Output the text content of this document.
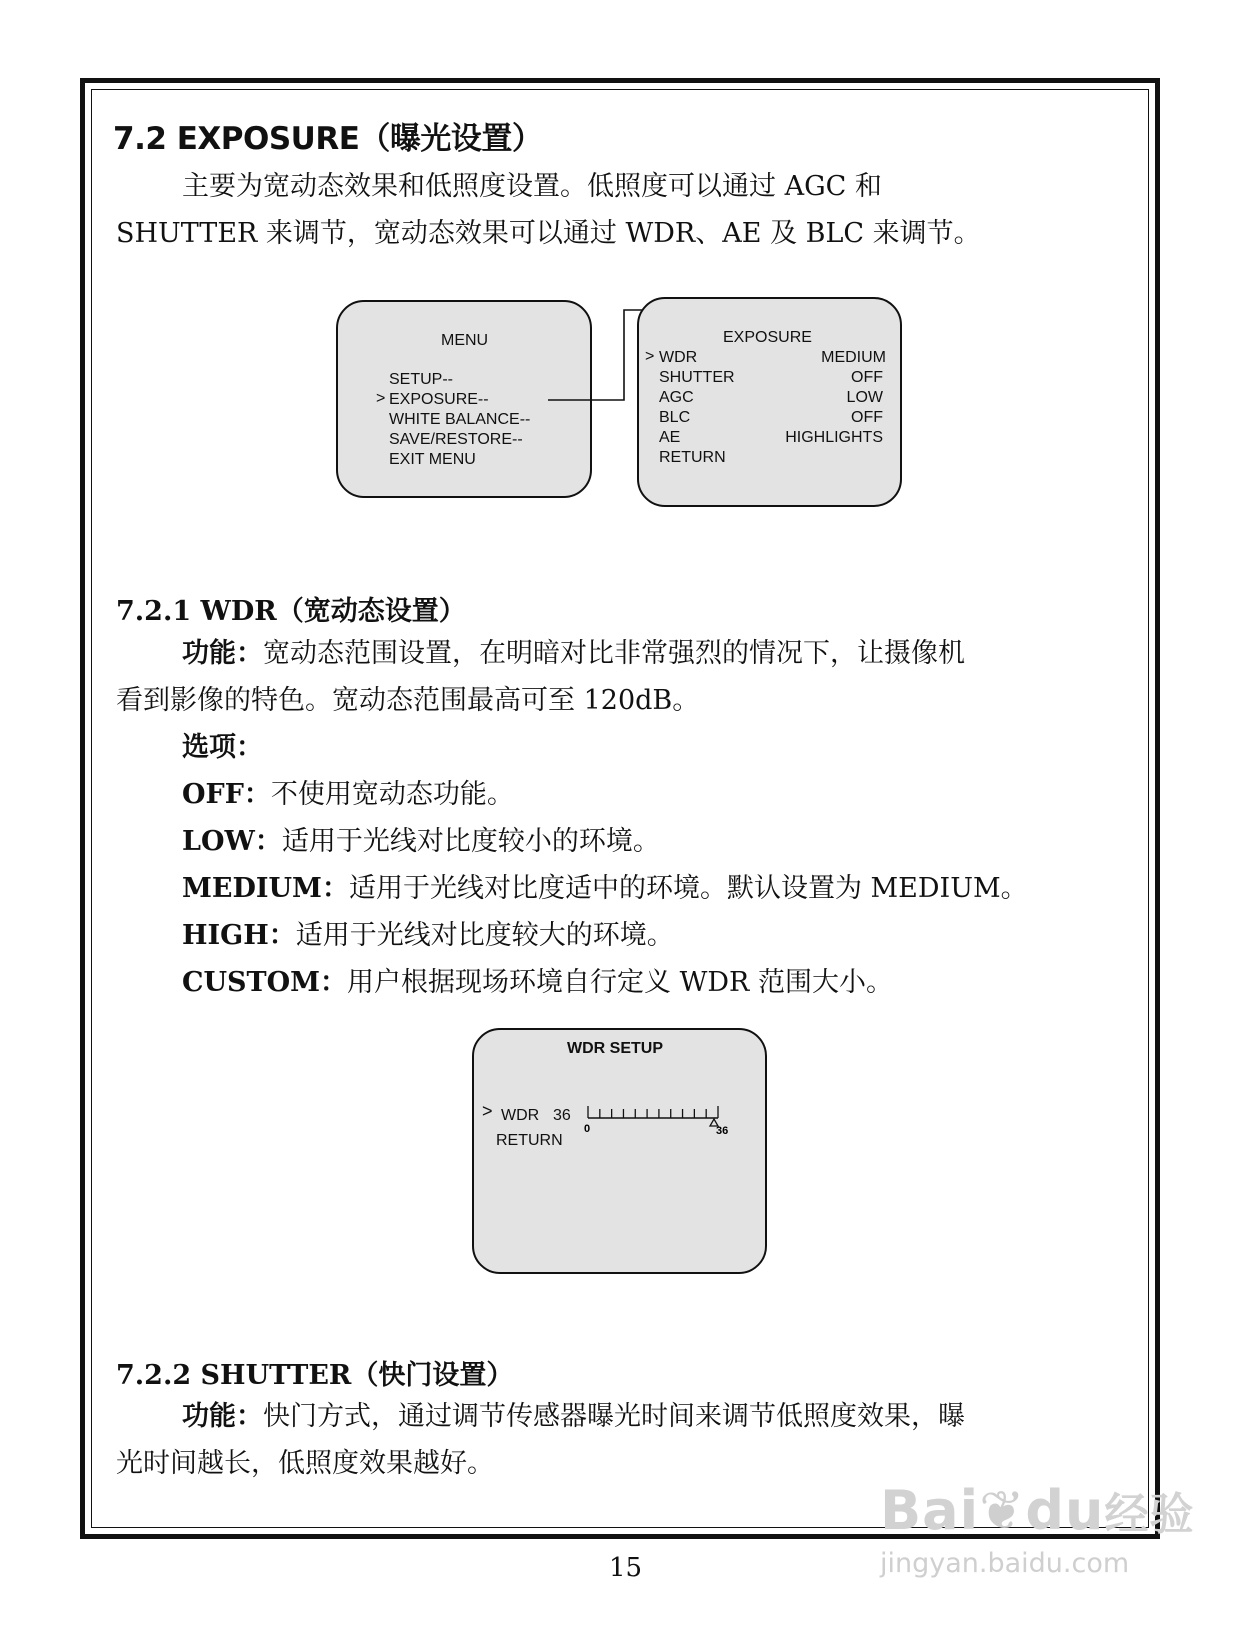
7.2 EXPOSURE（曝光设置）
主要为宽动态效果和低照度设置。低照度可以通过 AGC 和
SHUTTER 来调节，宽动态效果可以通过 WDR、AE 及 BLC 来调节。
MENU
SETUP--
> EXPOSURE--
WHITE BALANCE--
SAVE/RESTORE--
EXIT MENU
EXPOSURE
> WDR	MEDIUM
SHUTTER	OFF
AGC	LOW
BLC	OFF
AE	HIGHLIGHTS
RETURN
7.2.1 WDR（宽动态设置）
功能：宽动态范围设置，在明暗对比非常强烈的情况下，让摄像机
看到影像的特色。宽动态范围最高可至 120dB。
选项：
OFF：不使用宽动态功能。
LOW：适用于光线对比度较小的环境。
MEDIUM：适用于光线对比度适中的环境。默认设置为 MEDIUM。
HIGH：适用于光线对比度较大的环境。
CUSTOM：用户根据现场环境自行定义 WDR 范围大小。
WDR SETUP
> WDR 36
RETURN
0	36
7.2.2 SHUTTER（快门设置）
功能：快门方式，通过调节传感器曝光时间来调节低照度效果，曝
光时间越长，低照度效果越好。
15
Bai❦du经验
jingyan.baidu.com
